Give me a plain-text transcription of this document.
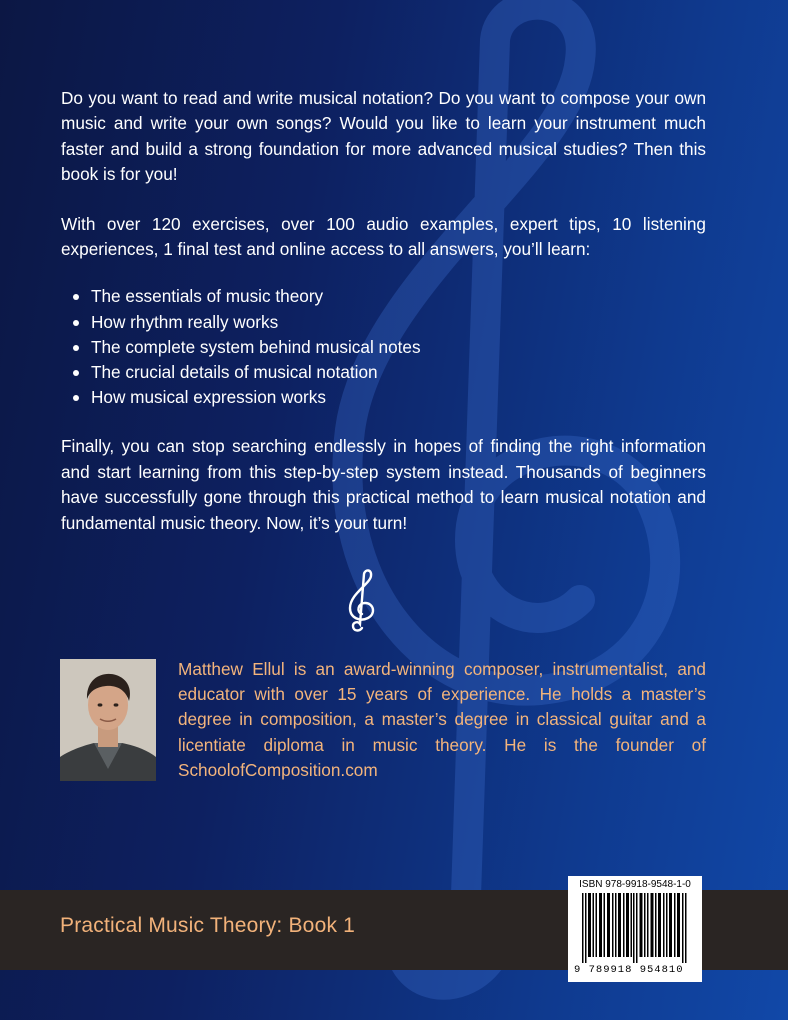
Do you want to read and write musical notation? Do you want to compose your own music and write your own songs? Would you like to learn your instrument much faster and build a strong foundation for more advanced musical studies? Then this book is for you!

With over 120 exercises, over 100 audio examples, expert tips, 10 listening experiences, 1 final test and online access to all answers, you’ll learn:

The essentials of music theory
How rhythm really works
The complete system behind musical notes
The crucial details of musical notation
How musical expression works

Finally, you can stop searching endlessly in hopes of finding the right information and start learning from this step-by-step system instead. Thousands of beginners have successfully gone through this practical method to learn musical notation and fundamental music theory. Now, it’s your turn!

Matthew Ellul is an award-winning composer, instrumentalist, and educator with over 15 years of experience. He holds a master’s degree in composition, a master’s degree in classical guitar and a licentiate diploma in music theory. He is the founder of SchoolofComposition.com

Practical Music Theory: Book 1
ISBN 978-9918-9548-1-0
9 789918 954810
